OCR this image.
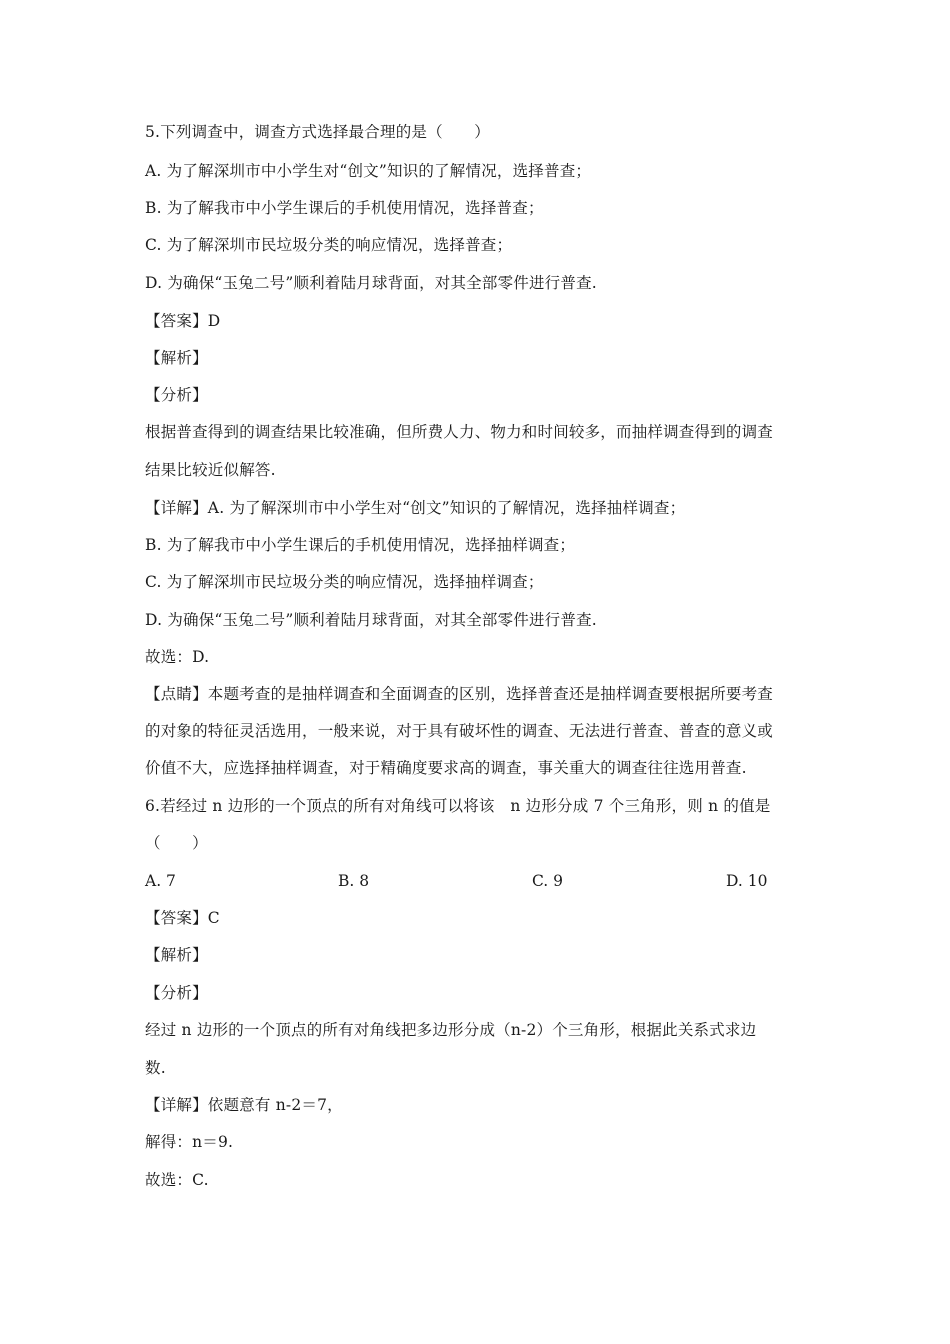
5.下列调查中，调查方式选择最合理的是（　　）
A. 为了解深圳市中小学生对“创文”知识的了解情况，选择普查；
B. 为了解我市中小学生课后的手机使用情况，选择普查；
C. 为了解深圳市民垃圾分类的响应情况，选择普查；
D. 为确保“玉兔二号”顺利着陆月球背面，对其全部零件进行普查.
【答案】D
【解析】
【分析】
根据普查得到的调查结果比较准确，但所费人力、物力和时间较多，而抽样调查得到的调查
结果比较近似解答.
【详解】A. 为了解深圳市中小学生对“创文”知识的了解情况，选择抽样调查；
B. 为了解我市中小学生课后的手机使用情况，选择抽样调查；
C. 为了解深圳市民垃圾分类的响应情况，选择抽样调查；
D. 为确保“玉兔二号”顺利着陆月球背面，对其全部零件进行普查.
故选：D.
【点睛】本题考查的是抽样调查和全面调查的区别，选择普查还是抽样调查要根据所要考查
的对象的特征灵活选用，一般来说，对于具有破坏性的调查、无法进行普查、普查的意义或
价值不大，应选择抽样调查，对于精确度要求高的调查，事关重大的调查往往选用普查.
6.若经过 n 边形的一个顶点的所有对角线可以将该　n 边形分成 7 个三角形，则 n 的值是
（　　）
A. 7	B. 8	C. 9	D. 10
【答案】C
【解析】
【分析】
经过 n 边形的一个顶点的所有对角线把多边形分成（n-2）个三角形，根据此关系式求边
数.
【详解】依题意有 n-2＝7，
解得：n＝9.
故选：C.
